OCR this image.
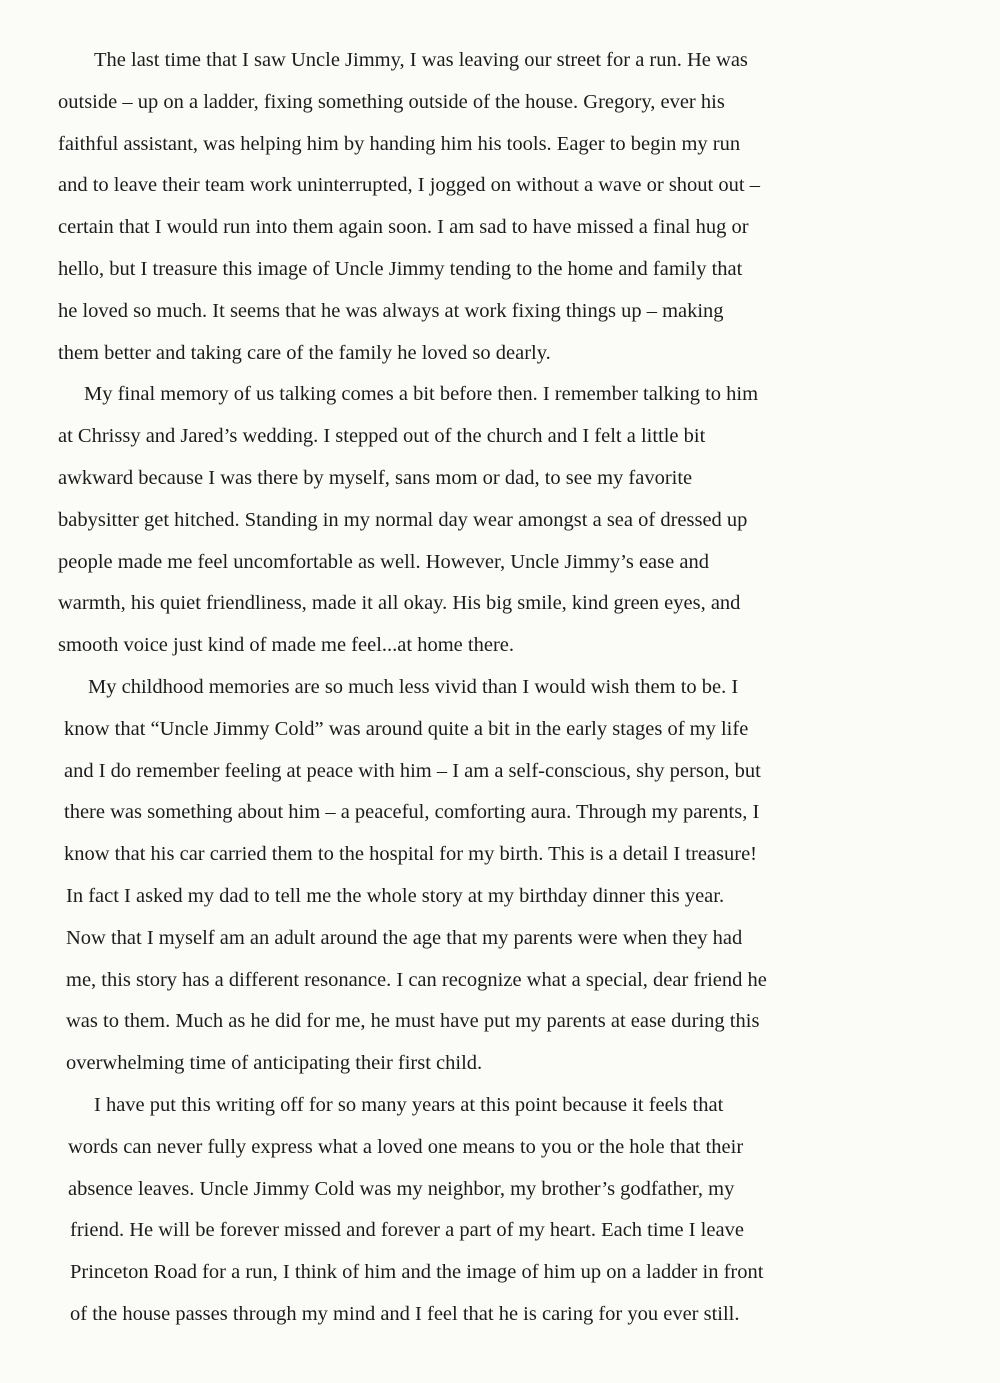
The last time that I saw Uncle Jimmy, I was leaving our street for a run. He was
outside – up on a ladder, fixing something outside of the house. Gregory, ever his
faithful assistant, was helping him by handing him his tools. Eager to begin my run
and to leave their team work uninterrupted, I jogged on without a wave or shout out –
certain that I would run into them again soon. I am sad to have missed a final hug or
hello, but I treasure this image of Uncle Jimmy tending to the home and family that
he loved so much. It seems that he was always at work fixing things up – making
them better and taking care of the family he loved so dearly.
My final memory of us talking comes a bit before then. I remember talking to him
at Chrissy and Jared’s wedding. I stepped out of the church and I felt a little bit
awkward because I was there by myself, sans mom or dad, to see my favorite
babysitter get hitched. Standing in my normal day wear amongst a sea of dressed up
people made me feel uncomfortable as well. However, Uncle Jimmy’s ease and
warmth, his quiet friendliness, made it all okay. His big smile, kind green eyes, and
smooth voice just kind of made me feel...at home there.
My childhood memories are so much less vivid than I would wish them to be. I
know that “Uncle Jimmy Cold” was around quite a bit in the early stages of my life
and I do remember feeling at peace with him – I am a self-conscious, shy person, but
there was something about him – a peaceful, comforting aura. Through my parents, I
know that his car carried them to the hospital for my birth. This is a detail I treasure!
In fact I asked my dad to tell me the whole story at my birthday dinner this year.
Now that I myself am an adult around the age that my parents were when they had
me, this story has a different resonance. I can recognize what a special, dear friend he
was to them. Much as he did for me, he must have put my parents at ease during this
overwhelming time of anticipating their first child.
I have put this writing off for so many years at this point because it feels that
words can never fully express what a loved one means to you or the hole that their
absence leaves. Uncle Jimmy Cold was my neighbor, my brother’s godfather, my
friend. He will be forever missed and forever a part of my heart. Each time I leave
Princeton Road for a run, I think of him and the image of him up on a ladder in front
of the house passes through my mind and I feel that he is caring for you ever still.
